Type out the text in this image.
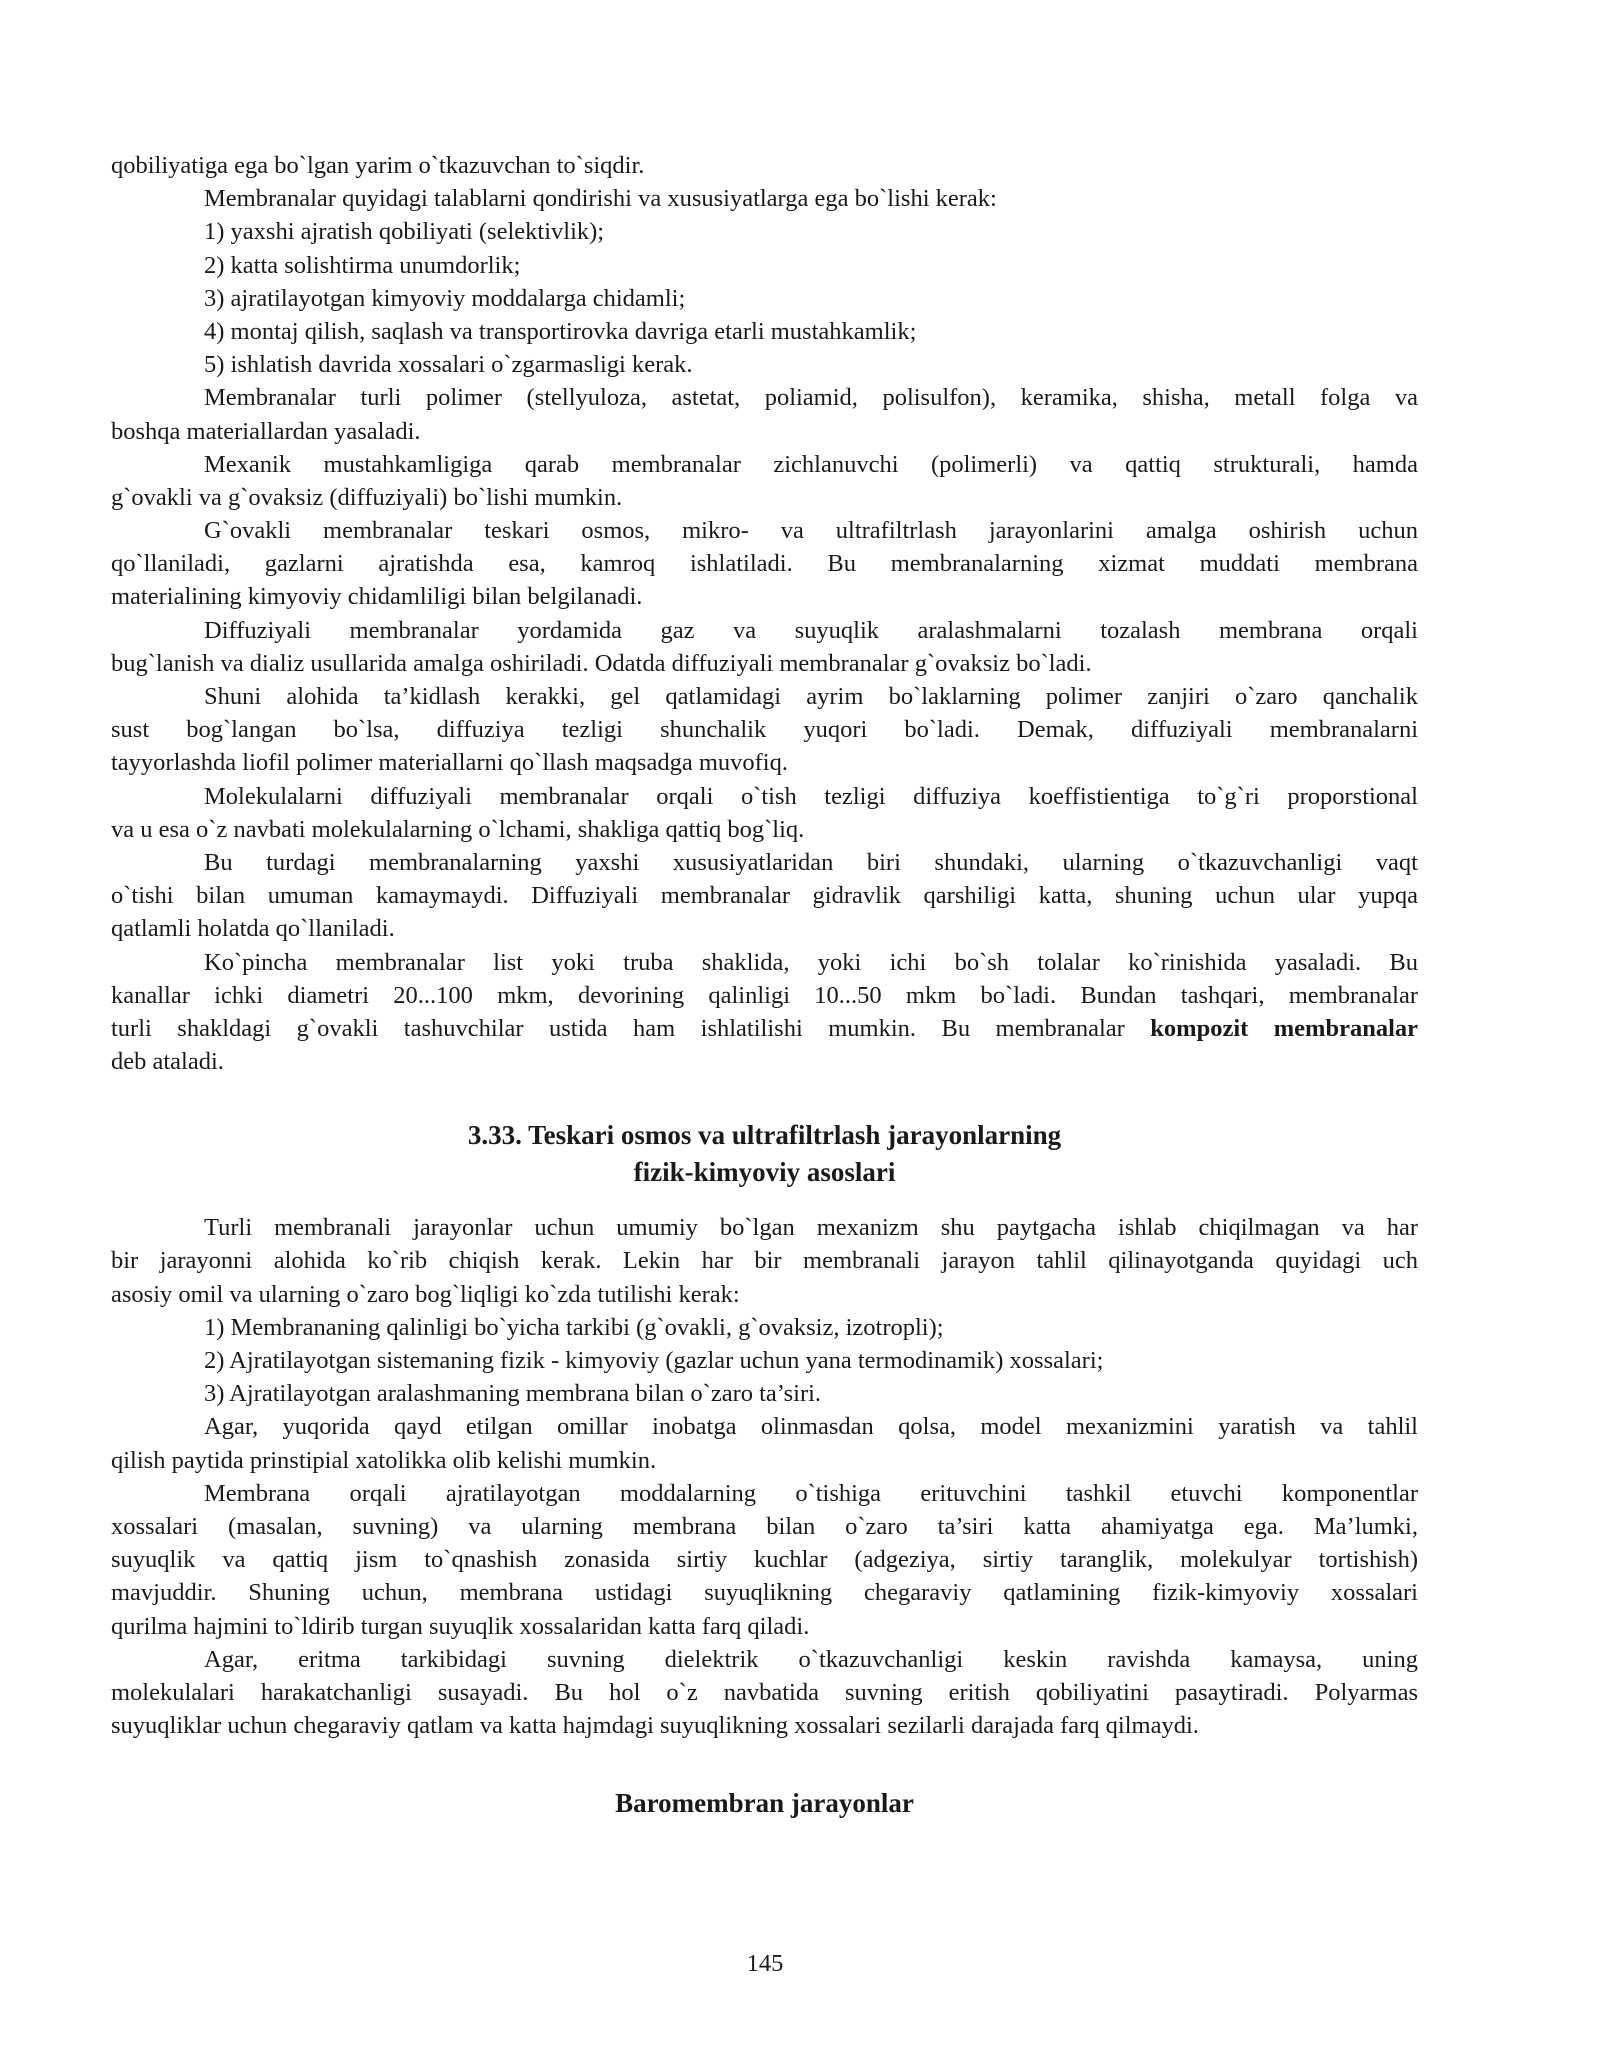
qobiliyatiga ega bo`lgan yarim o`tkazuvchan to`siqdir.
Membranalar quyidagi talablarni qondirishi va xususiyatlarga ega bo`lishi kerak:
1) yaxshi ajratish qobiliyati (selektivlik);
2) katta solishtirma unumdorlik;
3) ajratilayotgan kimyoviy moddalarga chidamli;
4) montaj qilish, saqlash va transportirovka davriga etarli mustahkamlik;
5) ishlatish davrida xossalari o`zgarmasligi kerak.
Membranalar turli polimer (stellyuloza, astetat, poliamid, polisulfon), keramika, shisha, metall folga va
boshqa materiallardan yasaladi.
Mexanik mustahkamligiga qarab membranalar zichlanuvchi (polimerli) va qattiq strukturali, hamda
g`ovakli va g`ovaksiz (diffuziyali) bo`lishi mumkin.
G`ovakli membranalar teskari osmos, mikro- va ultrafiltrlash jarayonlarini amalga oshirish uchun
qo`llaniladi, gazlarni ajratishda esa, kamroq ishlatiladi. Bu membranalarning xizmat muddati membrana
materialining kimyoviy chidamliligi bilan belgilanadi.
Diffuziyali membranalar yordamida gaz va suyuqlik aralashmalarni tozalash membrana orqali
bug`lanish va dializ usullarida amalga oshiriladi. Odatda diffuziyali membranalar g`ovaksiz bo`ladi.
Shuni alohida ta’kidlash kerakki, gel qatlamidagi ayrim bo`laklarning polimer zanjiri o`zaro qanchalik
sust bog`langan bo`lsa, diffuziya tezligi shunchalik yuqori bo`ladi. Demak, diffuziyali membranalarni
tayyorlashda liofil polimer materiallarni qo`llash maqsadga muvofiq.
Molekulalarni diffuziyali membranalar orqali o`tish tezligi diffuziya koeffistientiga to`g`ri proporstional
va u esa o`z navbati molekulalarning o`lchami, shakliga qattiq bog`liq.
Bu turdagi membranalarning yaxshi xususiyatlaridan biri shundaki, ularning o`tkazuvchanligi vaqt
o`tishi bilan umuman kamaymaydi. Diffuziyali membranalar gidravlik qarshiligi katta, shuning uchun ular yupqa
qatlamli holatda qo`llaniladi.
Ko`pincha membranalar list yoki truba shaklida, yoki ichi bo`sh tolalar ko`rinishida yasaladi. Bu
kanallar ichki diametri 20...100 mkm, devorining qalinligi 10...50 mkm bo`ladi. Bundan tashqari, membranalar
turli shakldagi g`ovakli tashuvchilar ustida ham ishlatilishi mumkin. Bu membranalar kompozit membranalar
deb ataladi.
3.33. Teskari osmos va ultrafiltrlash jarayonlarning
fizik-kimyoviy asoslari
Turli membranali jarayonlar uchun umumiy bo`lgan mexanizm shu paytgacha ishlab chiqilmagan va har
bir jarayonni alohida ko`rib chiqish kerak. Lekin har bir membranali jarayon tahlil qilinayotganda quyidagi uch
asosiy omil va ularning o`zaro bog`liqligi ko`zda tutilishi kerak:
1) Membrananing qalinligi bo`yicha tarkibi (g`ovakli, g`ovaksiz, izotropli);
2) Ajratilayotgan sistemaning fizik - kimyoviy (gazlar uchun yana termodinamik) xossalari;
3) Ajratilayotgan aralashmaning membrana bilan o`zaro ta’siri.
Agar, yuqorida qayd etilgan omillar inobatga olinmasdan qolsa, model mexanizmini yaratish va tahlil
qilish paytida prinstipial xatolikka olib kelishi mumkin.
Membrana orqali ajratilayotgan moddalarning o`tishiga erituvchini tashkil etuvchi komponentlar
xossalari (masalan, suvning) va ularning membrana bilan o`zaro ta’siri katta ahamiyatga ega. Ma’lumki,
suyuqlik va qattiq jism to`qnashish zonasida sirtiy kuchlar (adgeziya, sirtiy taranglik, molekulyar tortishish)
mavjuddir. Shuning uchun, membrana ustidagi suyuqlikning chegaraviy qatlamining fizik-kimyoviy xossalari
qurilma hajmini to`ldirib turgan suyuqlik xossalaridan katta farq qiladi.
Agar, eritma tarkibidagi suvning dielektrik o`tkazuvchanligi keskin ravishda kamaysa, uning
molekulalari harakatchanligi susayadi. Bu hol o`z navbatida suvning eritish qobiliyatini pasaytiradi. Polyarmas
suyuqliklar uchun chegaraviy qatlam va katta hajmdagi suyuqlikning xossalari sezilarli darajada farq qilmaydi.
Baromembran jarayonlar
145
